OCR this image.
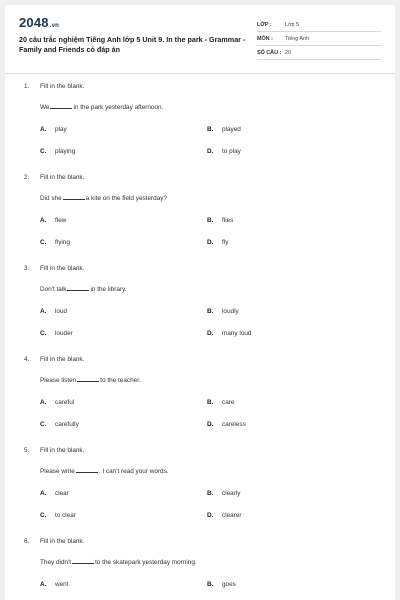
2048.vn
20 câu trắc nghiệm Tiếng Anh lớp 5 Unit 9. In the park - Grammar - Family and Friends có đáp án
LỚP :	Lớp 5
MÔN :	Tiếng Anh
SỐ CÂU : 20
1.	Fill in the blank.
We	in the park yesterday afternoon.
A.	play	B.	played
C.	playing	D.	to play
2.	Fill in the blank.
Did she	a kite on the field yesterday?
A.	flew	B.	flies
C.	flying	D.	fly
3.	Fill in the blank.
Don't talk	in the library.
A.	loud	B.	loudly
C.	louder	D.	many loud
4.	Fill in the blank.
Please listen	to the teacher.
A.	careful	B.	care
C.	carefully	D.	careless
5.	Fill in the blank.
Please write	. I can't read your words.
A.	clear	B.	clearly
C.	to clear	D.	clearer
6.	Fill in the blank.
They didn't	to the skatepark yesterday morning.
A.	went	B.	goes
